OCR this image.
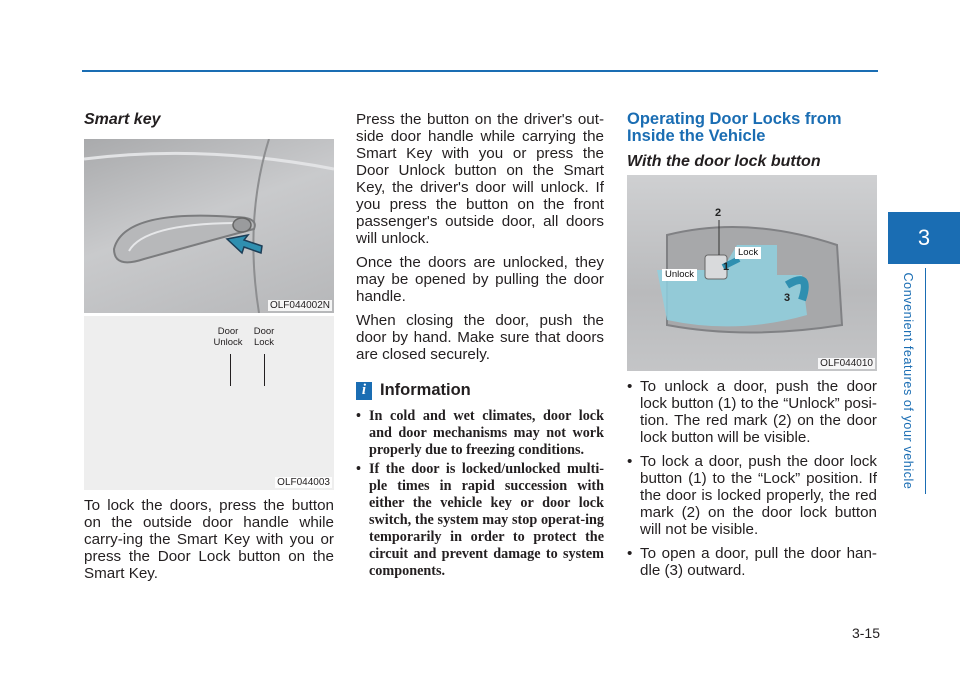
Smart key
OLF044002N
Door
Unlock
Door
Lock
OLF044003

To lock the doors, press the button on the outside door handle while carry-ing the Smart Key with you or press the Door Lock button on the Smart Key.

Press the button on the driver's out-side door handle while carrying the Smart Key with you or press the Door Unlock button on the Smart Key, the driver's door will unlock. If you press the button on the front passenger's outside door, all doors will unlock.

Once the doors are unlocked, they may be opened by pulling the door handle.

When closing the door, push the door by hand. Make sure that doors are closed securely.

i Information
• In cold and wet climates, door lock and door mechanisms may not work properly due to freezing conditions.
• If the door is locked/unlocked multi-ple times in rapid succession with either the vehicle key or door lock switch, the system may stop operat-ing temporarily in order to protect the circuit and prevent damage to system components.
Operating Door Locks from Inside the Vehicle
With the door lock button
2
1
3
Lock
Unlock
OLF044010
• To unlock a door, push the door lock button (1) to the “Unlock” posi-tion. The red mark (2) on the door lock button will be visible.
• To lock a door, push the door lock button (1) to the “Lock” position. If the door is locked properly, the red mark (2) on the door lock button will not be visible.
• To open a door, pull the door han-dle (3) outward.
3
Convenient features of your vehicle
3-15
